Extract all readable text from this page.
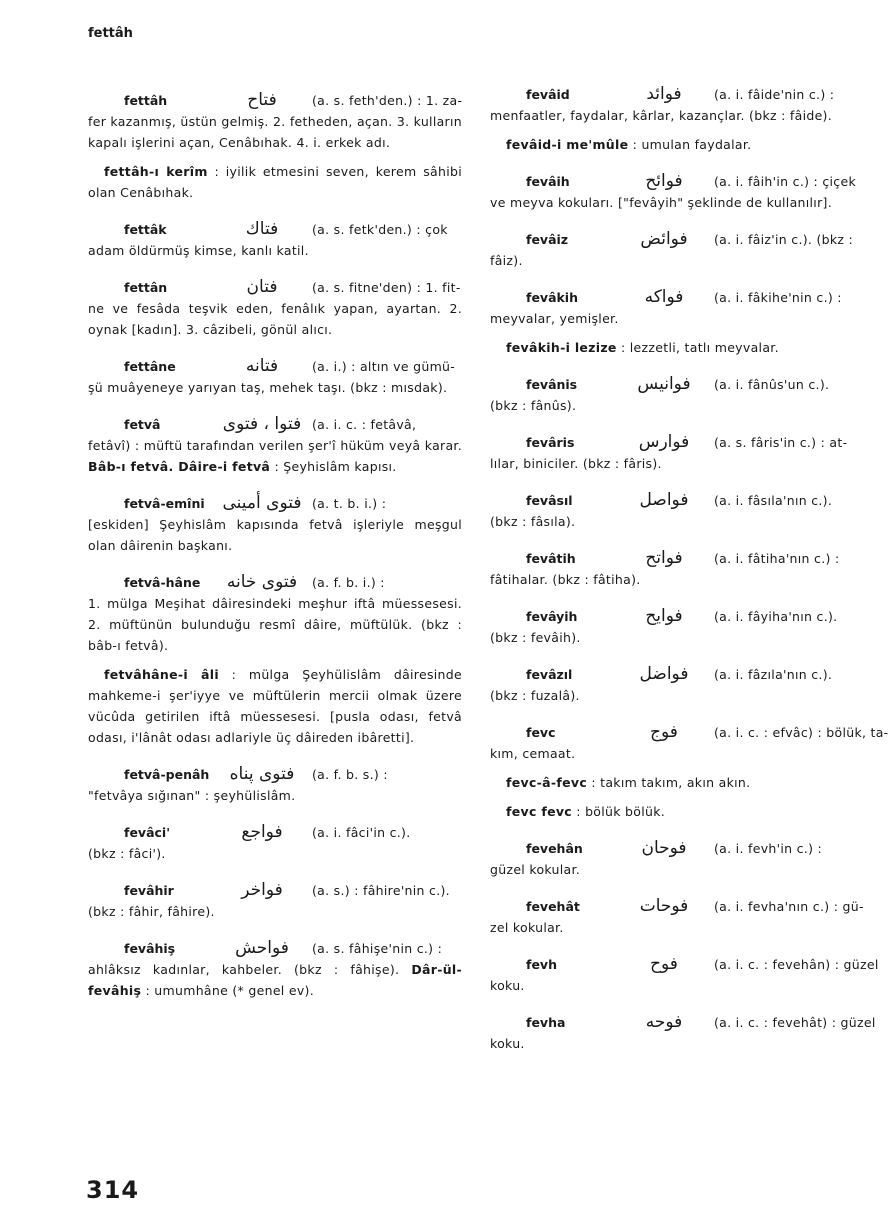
fettâh
fettâh	فتاح	(a. s. feth'den.) : 1. za-
fer kazanmış, üstün gelmiş. 2. fetheden, açan. 3. kulların kapalı işlerini açan, Cenâbıhak. 4. i. erkek adı.
fettâh-ı kerîm : iyilik etmesini seven, kerem sâhibi olan Cenâbıhak.
fettâk	فتاك	(a. s. fetk'den.) : çok
adam öldürmüş kimse, kanlı katil.
fettân	فتان	(a. s. fitne'den) : 1. fit-
ne ve fesâda teşvik eden, fenâlık yapan, ayartan. 2. oynak [kadın]. 3. câzibeli, gönül alıcı.
fettâne	فتانه	(a. i.) : altın ve gümü-
şü muâyeneye yarıyan taş, mehek taşı. (bkz : mısdak).
fetvâ	فتوا ، فتوى (a. i. c. : fetâvâ,
fetâvî) : müftü tarafından verilen şer'î hüküm veyâ karar. Bâb-ı fetvâ. Dâire-i fetvâ : Şeyhislâm kapısı.
fetvâ-emîni	فتوى أمينى (a. t. b. i.) :
[eskiden] Şeyhislâm kapısında fetvâ işleriyle meşgul olan dâirenin başkanı.
fetvâ-hâne	فتوى خانه	(a. f. b. i.) :
1. mülga Meşihat dâiresindeki meşhur iftâ müessesesi. 2. müftünün bulunduğu resmî dâire, müftülük. (bkz : bâb-ı fetvâ).
fetvâhâne-i âli : mülga Şeyhülislâm dâiresinde mahkeme-i şer'iyye ve müftülerin mercii olmak üzere vücûda getirilen iftâ müessesesi. [pusla odası, fetvâ odası, i'lânât odası adlariyle üç dâireden ibâretti].
fetvâ-penâh	فتوى پناه	(a. f. b. s.) :
"fetvâya sığınan" : şeyhülislâm.
fevâci'	فواجع	(a. i. fâci'in c.).
(bkz : fâci').
fevâhir	فواخر	(a. s.) : fâhire'nin c.).
(bkz : fâhir, fâhire).
fevâhiş	فواحش	(a. s. fâhişe'nin c.) :
ahlâksız kadınlar, kahbeler. (bkz : fâhişe). Dâr-ül-fevâhiş : umumhâne (* genel ev).
fevâid	فوائد	(a. i. fâide'nin c.) :
menfaatler, faydalar, kârlar, kazançlar. (bkz : fâide).
fevâid-i me'mûle : umulan faydalar.
fevâih	فوائح	(a. i. fâih'in c.) : çiçek
ve meyva kokuları. ["fevâyih" şeklinde de kullanılır].
fevâiz	فوائض	(a. i. fâiz'in c.). (bkz :
fâiz).
fevâkih	فواكه	(a. i. fâkihe'nin c.) :
meyvalar, yemişler.
fevâkih-i lezize : lezzetli, tatlı meyvalar.
fevânis	فوانيس	(a. i. fânûs'un c.).
(bkz : fânûs).
fevâris	فوارس	(a. s. fâris'in c.) : at-
lılar, biniciler. (bkz : fâris).
fevâsıl	فواصل	(a. i. fâsıla'nın c.).
(bkz : fâsıla).
fevâtih	فواتح	(a. i. fâtiha'nın c.) :
fâtihalar. (bkz : fâtiha).
fevâyih	فوايح	(a. i. fâyiha'nın c.).
(bkz : fevâih).
fevâzıl	فواضل	(a. i. fâzıla'nın c.).
(bkz : fuzalâ).
fevc	فوج	(a. i. c. : efvâc) : bölük, ta-
kım, cemaat.
fevc-â-fevc : takım takım, akın akın.
fevc fevc : bölük bölük.
fevehân	فوحان	(a. i. fevh'in c.) :
güzel kokular.
fevehât	فوحات	(a. i. fevha'nın c.) : gü-
zel kokular.
fevh	فوح	(a. i. c. : fevehân) : güzel
koku.
fevha	فوحه	(a. i. c. : fevehât) : güzel
koku.
314
